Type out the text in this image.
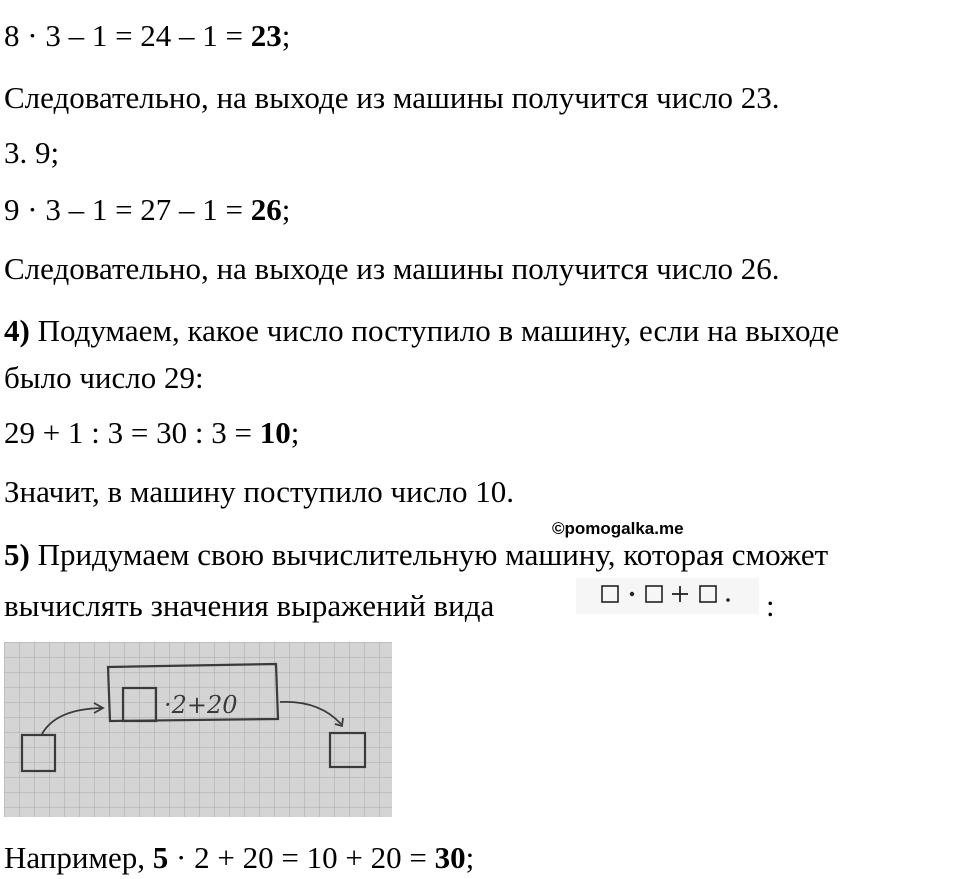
8 · 3 – 1 = 24 – 1 = 23;
Следовательно, на выходе из машины получится число 23.
3. 9;
9 · 3 – 1 = 27 – 1 = 26;
Следовательно, на выходе из машины получится число 26.
4) Подумаем, какое число поступило в машину, если на выходе
было число 29:
29 + 1 : 3 = 30 : 3 = 10;
Значит, в машину поступило число 10.
©pomogalka.me
5) Придумаем свою вычислительную машину, которая сможет
вычислять значения выражений вида	:
·2+20
Например, 5 · 2 + 20 = 10 + 20 = 30;
